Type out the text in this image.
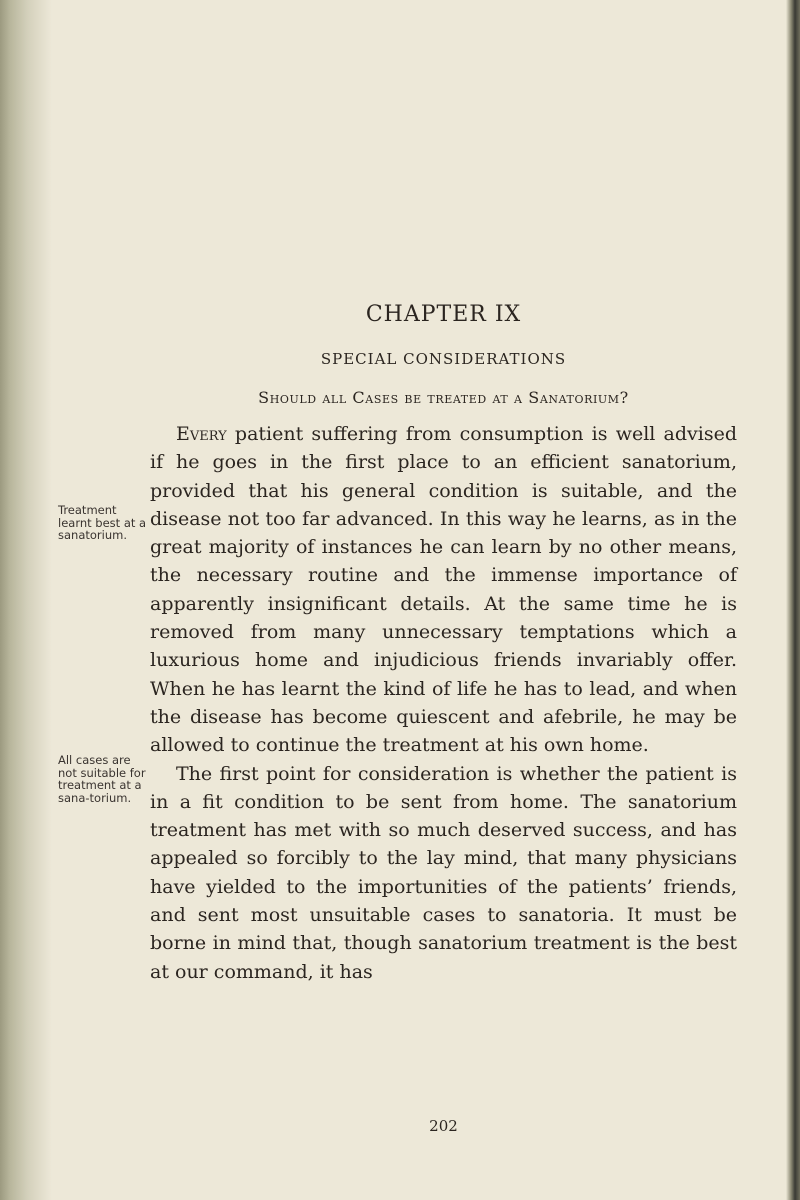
CHAPTER IX
SPECIAL CONSIDERATIONS
Should all Cases be treated at a Sanatorium?

Treatment learnt best at a sanatorium.

All cases are not suitable for treatment at a sana-torium.

Every patient suffering from consumption is well advised if he goes in the first place to an efficient sanatorium, provided that his general condition is suitable, and the disease not too far advanced. In this way he learns, as in the great majority of instances he can learn by no other means, the necessary routine and the immense importance of apparently insignificant details. At the same time he is removed from many unnecessary temptations which a luxurious home and injudicious friends invariably offer. When he has learnt the kind of life he has to lead, and when the disease has become quiescent and afebrile, he may be allowed to continue the treatment at his own home.

The first point for consideration is whether the patient is in a fit condition to be sent from home. The sanatorium treatment has met with so much deserved success, and has appealed so forcibly to the lay mind, that many physicians have yielded to the importunities of the patients’ friends, and sent most unsuitable cases to sanatoria. It must be borne in mind that, though sanatorium treatment is the best at our command, it has

202
